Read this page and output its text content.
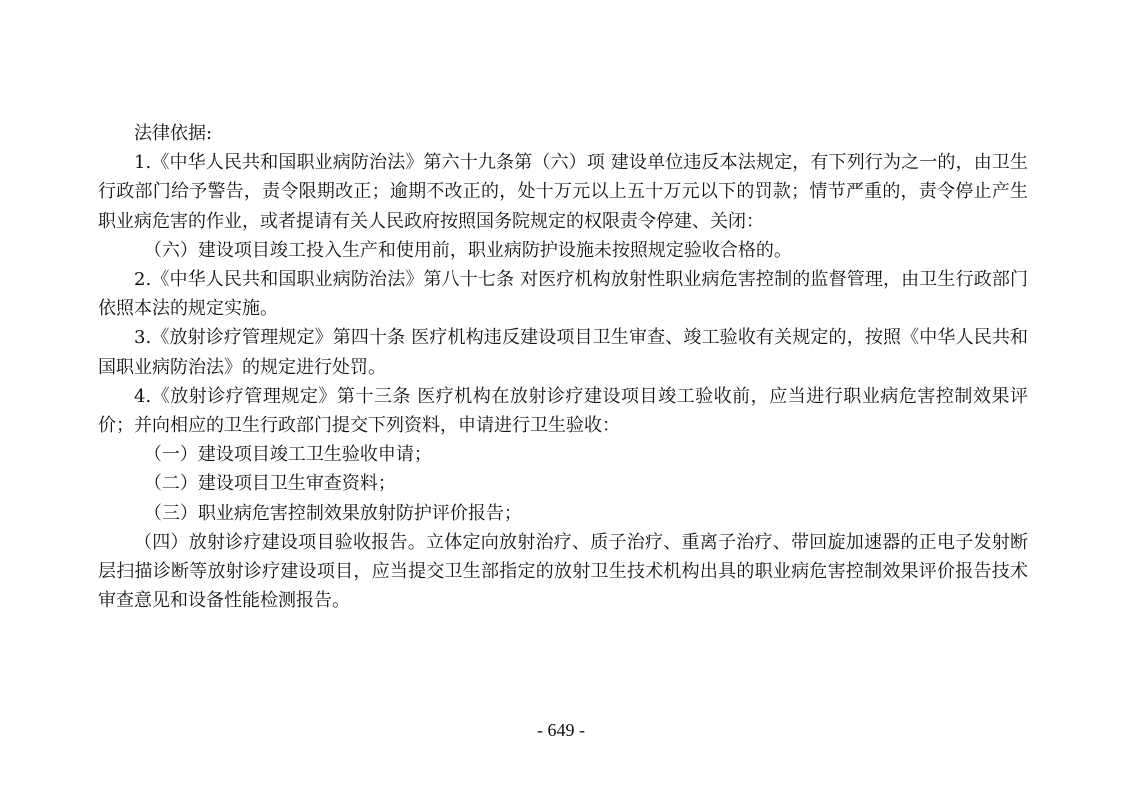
法律依据:

1.《中华人民共和国职业病防治法》第六十九条第（六）项 建设单位违反本法规定，有下列行为之一的，由卫生行政部门给予警告，责令限期改正；逾期不改正的，处十万元以上五十万元以下的罚款；情节严重的，责令停止产生职业病危害的作业，或者提请有关人民政府按照国务院规定的权限责令停建、关闭：

（六）建设项目竣工投入生产和使用前，职业病防护设施未按照规定验收合格的。

2.《中华人民共和国职业病防治法》第八十七条 对医疗机构放射性职业病危害控制的监督管理，由卫生行政部门依照本法的规定实施。

3.《放射诊疗管理规定》第四十条 医疗机构违反建设项目卫生审查、竣工验收有关规定的，按照《中华人民共和国职业病防治法》的规定进行处罚。

4.《放射诊疗管理规定》第十三条 医疗机构在放射诊疗建设项目竣工验收前，应当进行职业病危害控制效果评价；并向相应的卫生行政部门提交下列资料，申请进行卫生验收：

（一）建设项目竣工卫生验收申请；

（二）建设项目卫生审查资料；

（三）职业病危害控制效果放射防护评价报告；

（四）放射诊疗建设项目验收报告。立体定向放射治疗、质子治疗、重离子治疗、带回旋加速器的正电子发射断层扫描诊断等放射诊疗建设项目，应当提交卫生部指定的放射卫生技术机构出具的职业病危害控制效果评价报告技术审查意见和设备性能检测报告。

- 649 -
